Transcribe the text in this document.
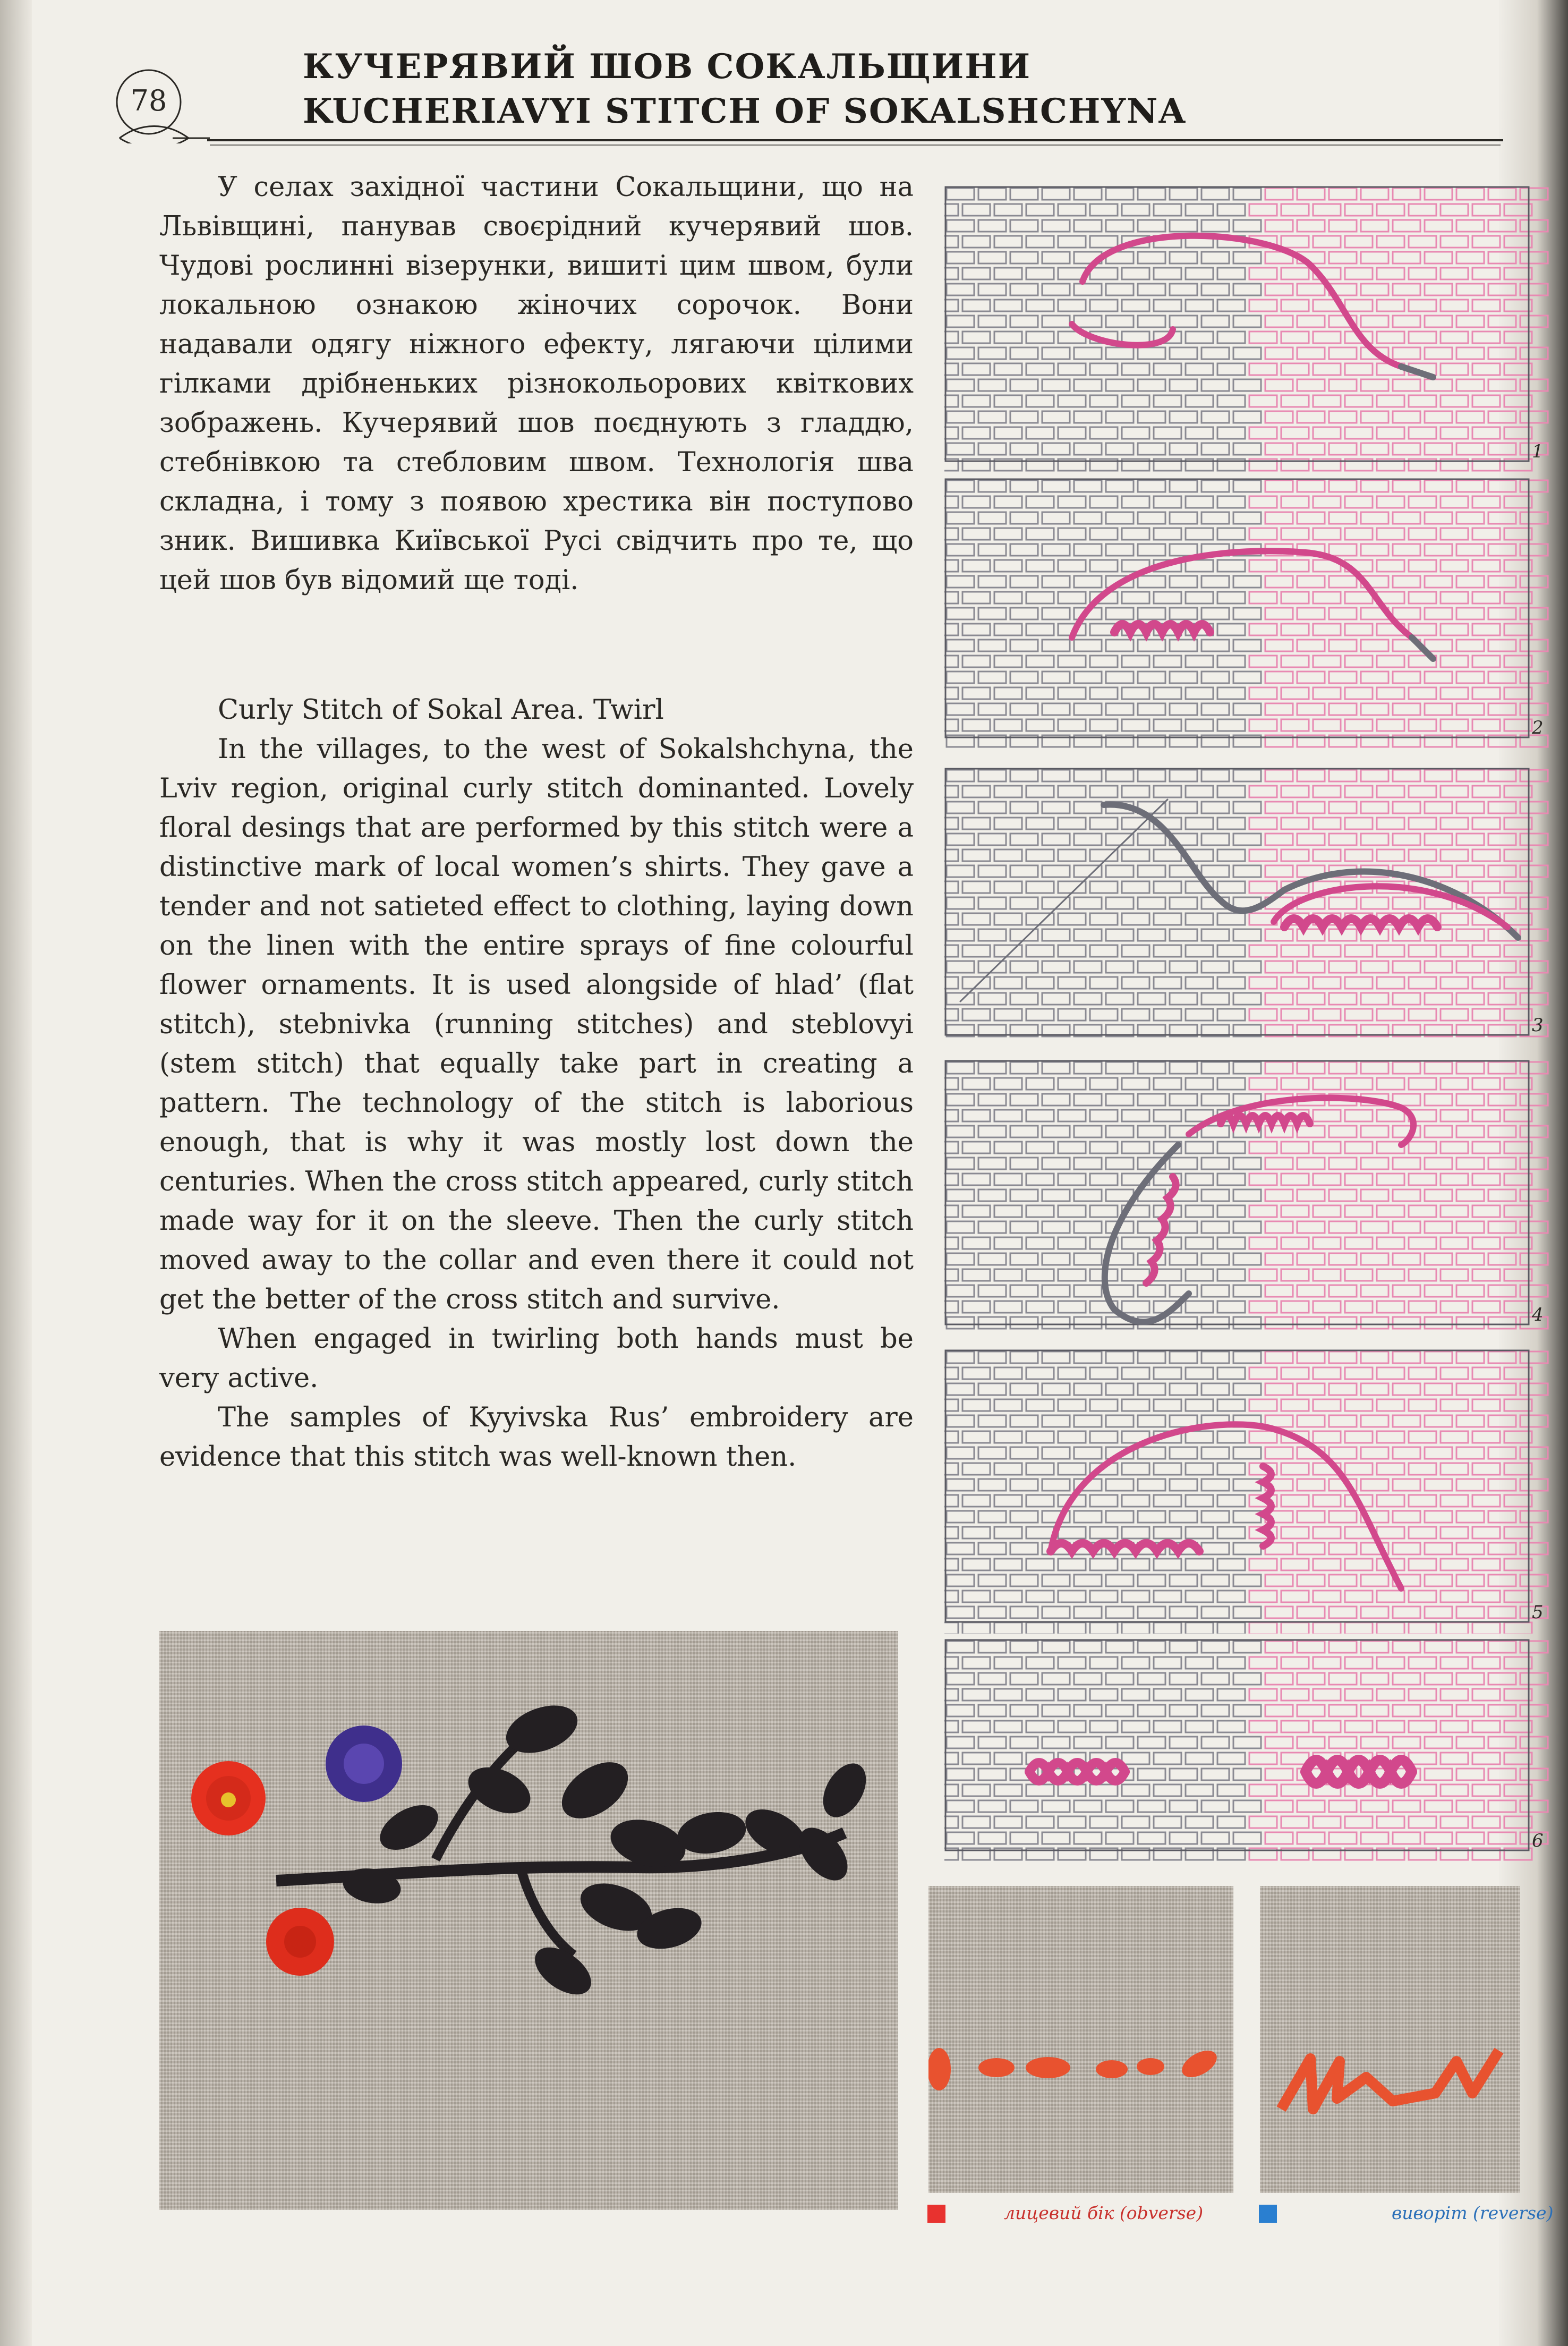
78
КУЧЕРЯВИЙ ШОВ СОКАЛЬЩИНИ
KUCHERIAVYI STITCH OF SOKALSHCHYNA

У селах західної частини Сокальщини, що на Львівщині, панував своєрідний кучерявий шов. Чудові рослинні візерунки, вишиті цим швом, були локальною ознакою жіночих сорочок. Вони надавали одягу ніжного ефекту, лягаючи цілими гілками дрібненьких різнокольорових квіткових зображень. Кучерявий шов поєднують з гладдю, стебнівкою та стебловим швом. Технологія шва складна, і тому з появою хрестика він поступово зник. Вишивка Київської Русі свідчить про те, що цей шов був відомий ще тоді.

Curly Stitch of Sokal Area. Twirl

In the villages, to the west of Sokalshchyna, the Lviv region, original curly stitch dominanted. Lovely floral desings that are performed by this stitch were a distinctive mark of local women’s shirts. They gave a tender and not satieted effect to clothing, laying down on the linen with the entire sprays of fine colourful flower ornaments. It is used alongside of hlad’ (flat stitch), stebnivka (running stitches) and steblovyi (stem stitch) that equally take part in creating a pattern. The technology of the stitch is laborious enough, that is why it was mostly lost down the centuries. When the cross stitch appeared, curly stitch made way for it on the sleeve. Then the curly stitch moved away to the collar and even there it could not get the better of the cross stitch and survive.

When engaged in twirling both hands must be very active.

The samples of Kyyivska Rus’ embroidery are evidence that this stitch was well-known then.

1
2
3
4
5
6
лицевий бік (obverse)	виворіт (reverse)
